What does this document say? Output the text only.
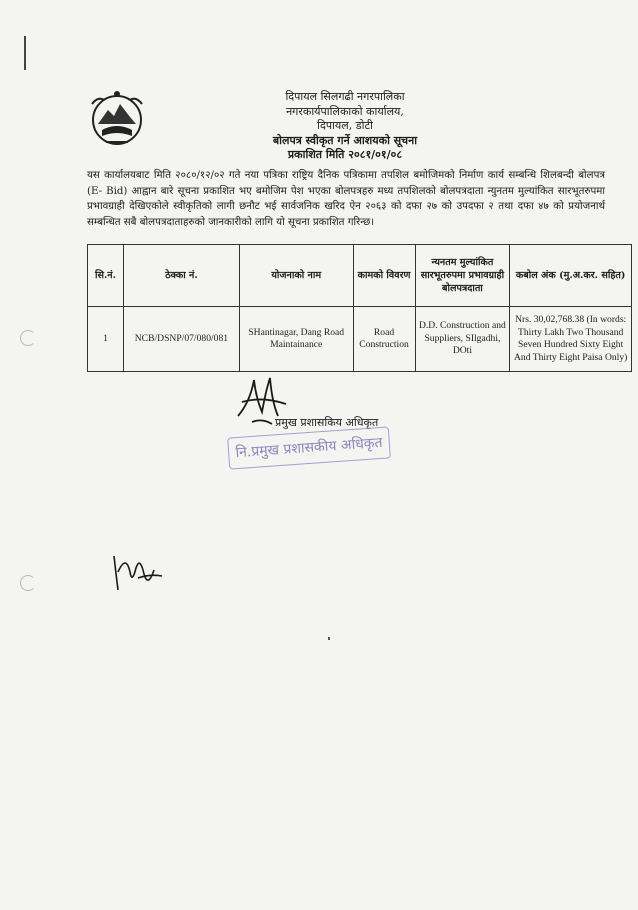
दिपायल सिलगढी नगरपालिका
नगरकार्यपालिकाको कार्यालय,
दिपायल, डोटी
बोलपत्र स्वीकृत गर्ने आशयको सूचना
प्रकाशित मिति २०८१/०१/०८
यस कार्यालयबाट मिति २०८०/१२/०२ गते नया पत्रिका राष्ट्रिय दैनिक पत्रिकामा तपशिल बमोजिमको निर्माण कार्य सम्बन्धि शिलबन्दी बोलपत्र (E- Bid) आह्वान बारे सूचना प्रकाशित भए बमोजिम पेश भएका बोलपत्रहरु मध्य तपशिलको बोलपत्रदाता न्युनतम मुल्यांकित सारभूतरुपमा प्रभावग्राही देखिएकोले स्वीकृतिको लागी छनौट भई सार्वजनिक खरिद ऐन २०६३ को दफा २७ को उपदफा २ तथा दफा ४७ को प्रयोजनार्थ सम्बन्धित सबै बोलपत्रदाताहरुको जानकारीको लागि यो सूचना प्रकाशित गरिन्छ।
सि.नं.	ठेक्का नं.	योजनाको नाम	कामको विवरण	न्यनतम मुल्यांकित सारभूतरुपमा प्रभावग्राही बोलपत्रदाता	कबोल अंक (मु.अ.कर. सहित)
1	NCB/DSNP/07/080/081	SHantinagar, Dang Road Maintainance	Road Construction	D.D. Construction and Suppliers, SIlgadhi, DOti	Nrs. 30,02,768.38 (In words: Thirty Lakh Two Thousand Seven Hundred Sixty Eight And Thirty Eight Paisa Only)
प्रमुख प्रशासकिय अधिकृत
नि.प्रमुख प्रशासकीय अधिकृत
